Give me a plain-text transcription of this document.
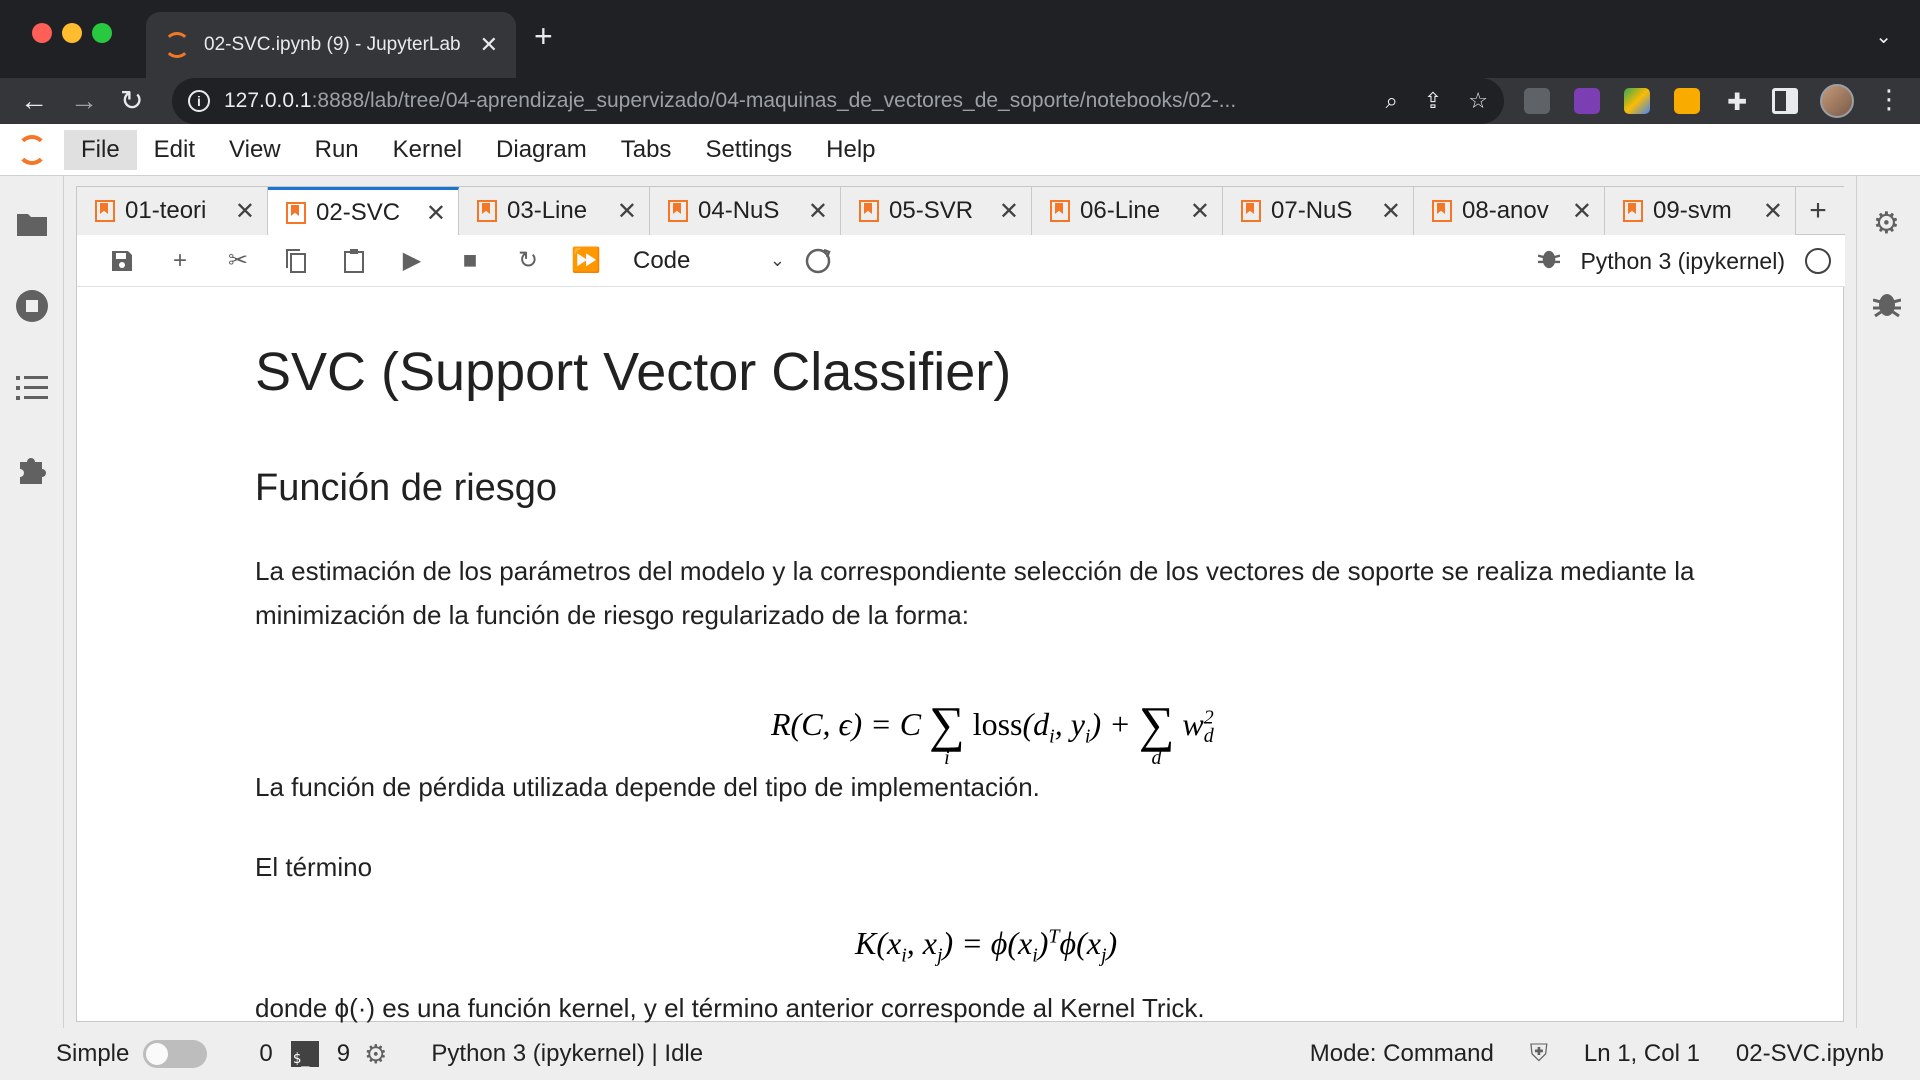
02-SVC.ipynb (9) - JupyterLab ✕ +	⌄
← → ↻	i	127.0.0.1:8888/lab/tree/04-aprendizaje_supervizado/04-maquinas_de_vectores_de_soporte/notebooks/02-...	⌕ ⇪ ☆	✚	⋮
File	Edit	View	Run	Kernel	Diagram	Tabs	Settings	Help
⚙
01-teori	✕	02-SVC	✕	03-Line	✕	04-NuS	✕	05-SVR	✕	06-Line	✕	07-NuS	✕	08-anov ✕	09-svm	✕ +
+	✂	▶	■	↻	⏩	Code	⌄	Python 3 (ipykernel)
SVC (Support Vector Classifier)
Función de riesgo
La estimación de los parámetros del modelo y la correspondiente selección de los vectores de soporte se realiza mediante la minimización de la función de riesgo regularizado de la forma:
R(C, ϵ) = C ∑
i
$loss(d_i$, $y_i$) + ∑
d
$w^2_d$
La función de pérdida utilizada depende del tipo de implementación.
El término
$K(x_i$, $x_j) = \phi(x_i)^T\phi(x_j)$
donde ϕ(·) es una función kernel, y el término anterior corresponde al Kernel Trick.
Simple	0 $_	9 ⚙ Python 3 (ipykernel) | Idle	Mode: Command ⛨ Ln 1, Col 1 02-SVC.ipynb
